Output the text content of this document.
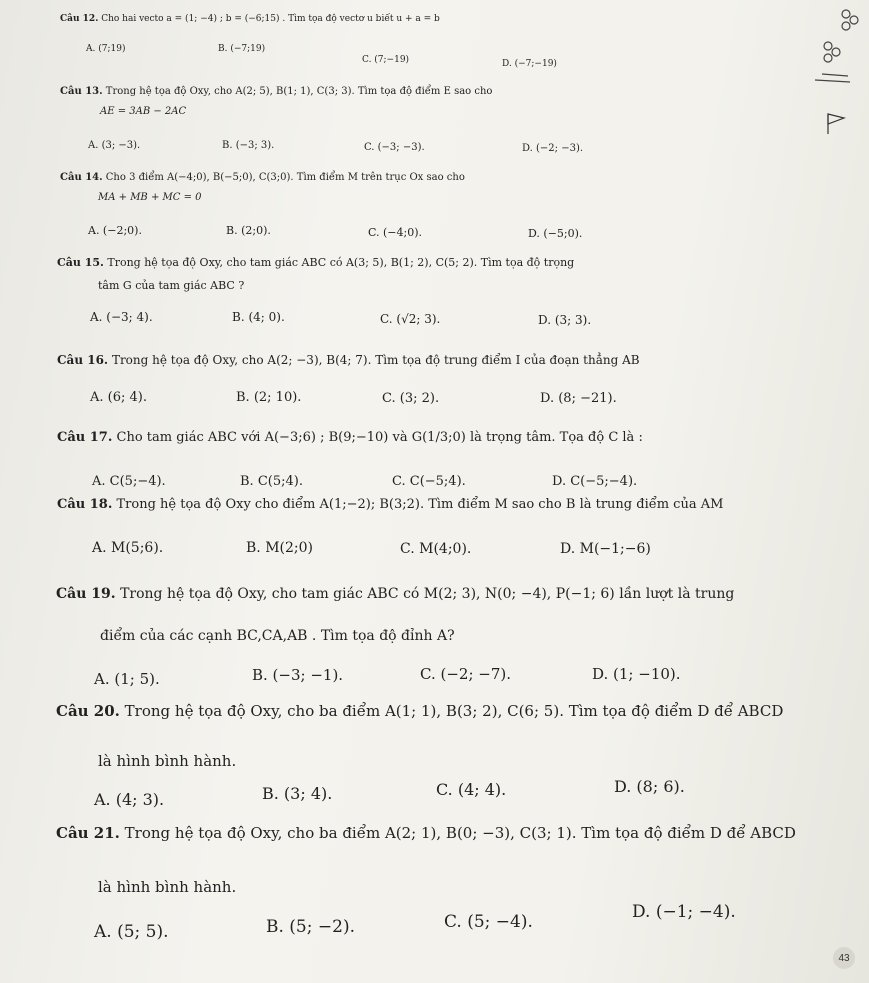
Câu 12. Cho hai vecto a = (1; −4) ; b = (−6;15) . Tìm tọa độ vectơ u biết u + a = b
A. (7;19)	B. (−7;19)
C. (7;−19)	D. (−7;−19)
Câu 13. Trong hệ tọa độ Oxy, cho A(2; 5), B(1; 1), C(3; 3). Tìm tọa độ điểm E sao cho
AE = 3AB − 2AC
A. (3; −3).	B. (−3; 3).	C. (−3; −3).	D. (−2; −3).
Câu 14. Cho 3 điểm A(−4;0), B(−5;0), C(3;0). Tìm điểm M trên trục Ox sao cho
MA + MB + MC = 0
A. (−2;0).	B. (2;0).	C. (−4;0).	D. (−5;0).
Câu 15. Trong hệ tọa độ Oxy, cho tam giác ABC có A(3; 5), B(1; 2), C(5; 2). Tìm tọa độ trọng
tâm G của tam giác ABC ?
A. (−3; 4).	B. (4; 0).	C. (√2; 3).	D. (3; 3).
Câu 16. Trong hệ tọa độ Oxy, cho A(2; −3), B(4; 7). Tìm tọa độ trung điểm I của đoạn thẳng AB
A. (6; 4).	B. (2; 10).	C. (3; 2).	D. (8; −21).
Câu 17. Cho tam giác ABC với A(−3;6) ; B(9;−10) và G(1/3;0) là trọng tâm. Tọa độ C là :
A. C(5;−4).	B. C(5;4).	C. C(−5;4).	D. C(−5;−4).
Câu 18. Trong hệ tọa độ Oxy cho điểm A(1;−2); B(3;2). Tìm điểm M sao cho B là trung điểm của AM
A. M(5;6).	B. M(2;0)	C. M(4;0).	D. M(−1;−6)
Câu 19. Trong hệ tọa độ Oxy, cho tam giác ABC có M(2; 3), N(0; −4), P(−1; 6) lần lượt là trung
điểm của các cạnh BC,CA,AB . Tìm tọa độ đỉnh A?
A. (1; 5).	B. (−3; −1).	C. (−2; −7).	D. (1; −10).
Câu 20. Trong hệ tọa độ Oxy, cho ba điểm A(1; 1), B(3; 2), C(6; 5). Tìm tọa độ điểm D để ABCD
là hình bình hành.
A. (4; 3).	B. (3; 4).	C. (4; 4).	D. (8; 6).
Câu 21. Trong hệ tọa độ Oxy, cho ba điểm A(2; 1), B(0; −3), C(3; 1). Tìm tọa độ điểm D để ABCD
là hình bình hành.
A. (5; 5).	B. (5; −2).	C. (5; −4).	D. (−1; −4).
43
